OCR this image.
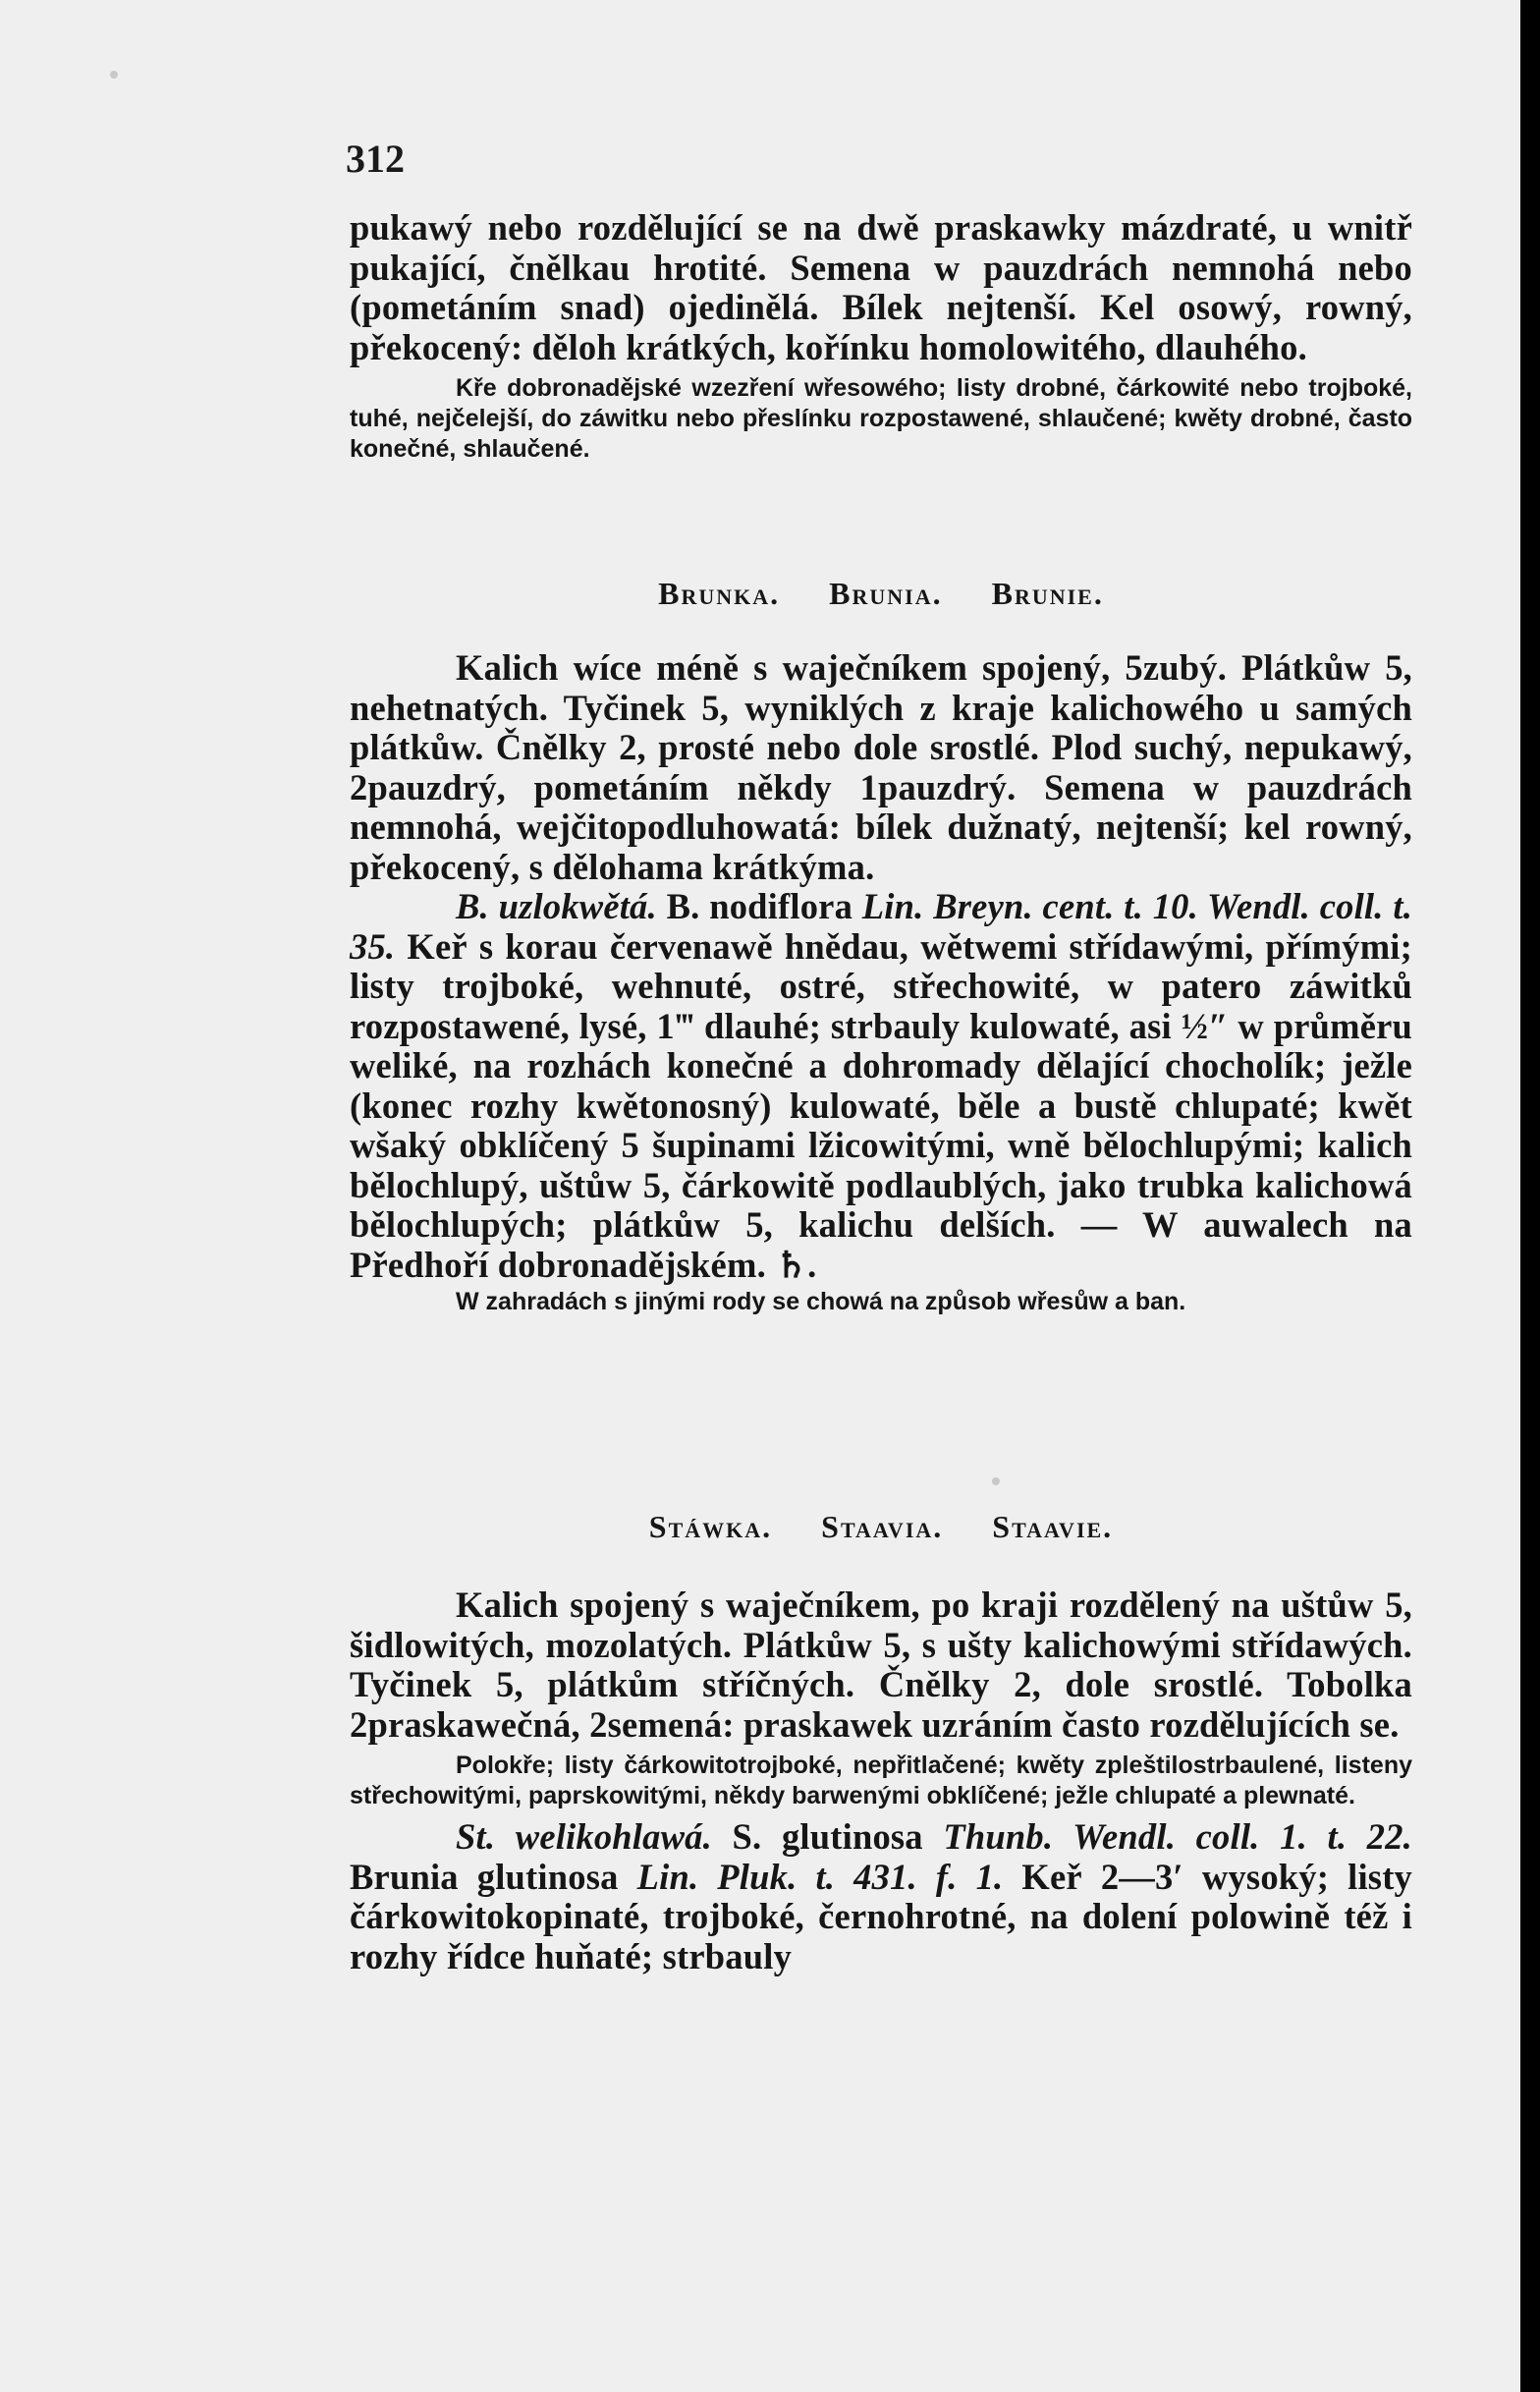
312

pukawý nebo rozdělující se na dwě praskawky mázdraté, u wnitř pukající, čnělkau hrotité. Semena w pauzdrách nemnohá nebo (pometáním snad) ojedinělá. Bílek nejtenší. Kel osowý, rowný, překocený: děloh krátkých, kořínku homolowitého, dlauhého.

Kře dobronadějské wzezření wřesowého; listy drobné, čárkowité nebo trojboké, tuhé, nejčelejší, do záwitku nebo přeslínku rozpostawené, shlaučené; kwěty drobné, často konečné, shlaučené.

Brunka. Brunia. Brunie.

Kalich wíce méně s waječníkem spojený, 5zubý. Plátkůw 5, nehetnatých. Tyčinek 5, wyniklých z kraje kalichowého u samých plátkůw. Čnělky 2, prosté nebo dole srostlé. Plod suchý, nepukawý, 2pauzdrý, pometáním někdy 1pauzdrý. Semena w pauzdrách nemnohá, wejčitopodluhowatá: bílek dužnatý, nejtenší; kel rowný, překocený, s dělohama krátkýma.

B. uzlokwětá. B. nodiflora Lin. Breyn. cent. t. 10. Wendl. coll. t. 35. Keř s korau červenawě hnědau, wětwemi střídawými, přímými; listy trojboké, wehnuté, ostré, střechowité, w patero záwitků rozpostawené, lysé, 1‴ dlauhé; strbauly kulowaté, asi ½″ w průměru weliké, na rozhách konečné a dohromady dělající chocholík; ježle (konec rozhy kwětonosný) kulowaté, běle a bustě chlupaté; kwět wšaký obklíčený 5 šupinami lžicowitými, wně bělochlupými; kalich bělochlupý, uštůw 5, čárkowitě podlaublých, jako trubka kalichowá bělochlupých; plátkůw 5, kalichu delších. — W auwalech na Předhoří dobronadějském. ♄.

W zahradách s jinými rody se chowá na způsob wřesůw a ban.

Stáwka. Staavia. Staavie.

Kalich spojený s waječníkem, po kraji rozdělený na uštůw 5, šidlowitých, mozolatých. Plátkůw 5, s ušty kalichowými střídawých. Tyčinek 5, plátkům stříčných. Čnělky 2, dole srostlé. Tobolka 2praskawečná, 2semená: praskawek uzráním často rozdělujících se.

Polokře; listy čárkowitotrojboké, nepřitlačené; kwěty zpleštilostrbaulené, listeny střechowitými, paprskowitými, někdy barwenými obklíčené; ježle chlupaté a plewnaté.

St. welikohlawá. S. glutinosa Thunb. Wendl. coll. 1. t. 22. Brunia glutinosa Lin. Pluk. t. 431. f. 1. Keř 2—3′ wysoký; listy čárkowitokopinaté, trojboké, černohrotné, na dolení polowině též i rozhy řídce huňaté; strbauly
